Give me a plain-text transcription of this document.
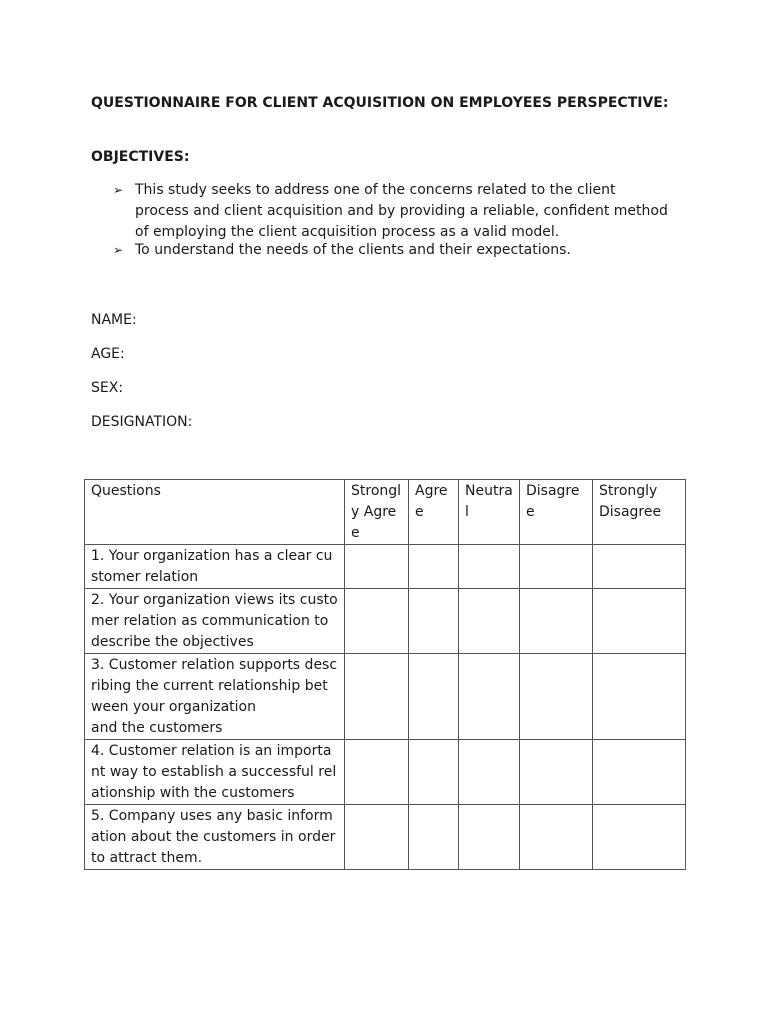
QUESTIONNAIRE FOR CLIENT ACQUISITION ON EMPLOYEES PERSPECTIVE:
OBJECTIVES:
➢ This study seeks to address one of the concerns related to the client process and client acquisition and by providing a reliable, confident method of employing the client acquisition process as a valid model.
➢ To understand the needs of the clients and their expectations.
NAME:
AGE:
SEX:
DESIGNATION:
Questions	Strongly Agree	Agree	Neutral	Disagree	Strongly Disagree
1. Your organization has a clear customer relation					
2. Your organization views its customer relation as communication to describe the objectives					
3. Customer relation supports describing the current relationship between your organization
and the customers					
4. Customer relation is an important way to establish a successful relationship with the customers					
5. Company uses any basic information about the customers in order to attract them.					
